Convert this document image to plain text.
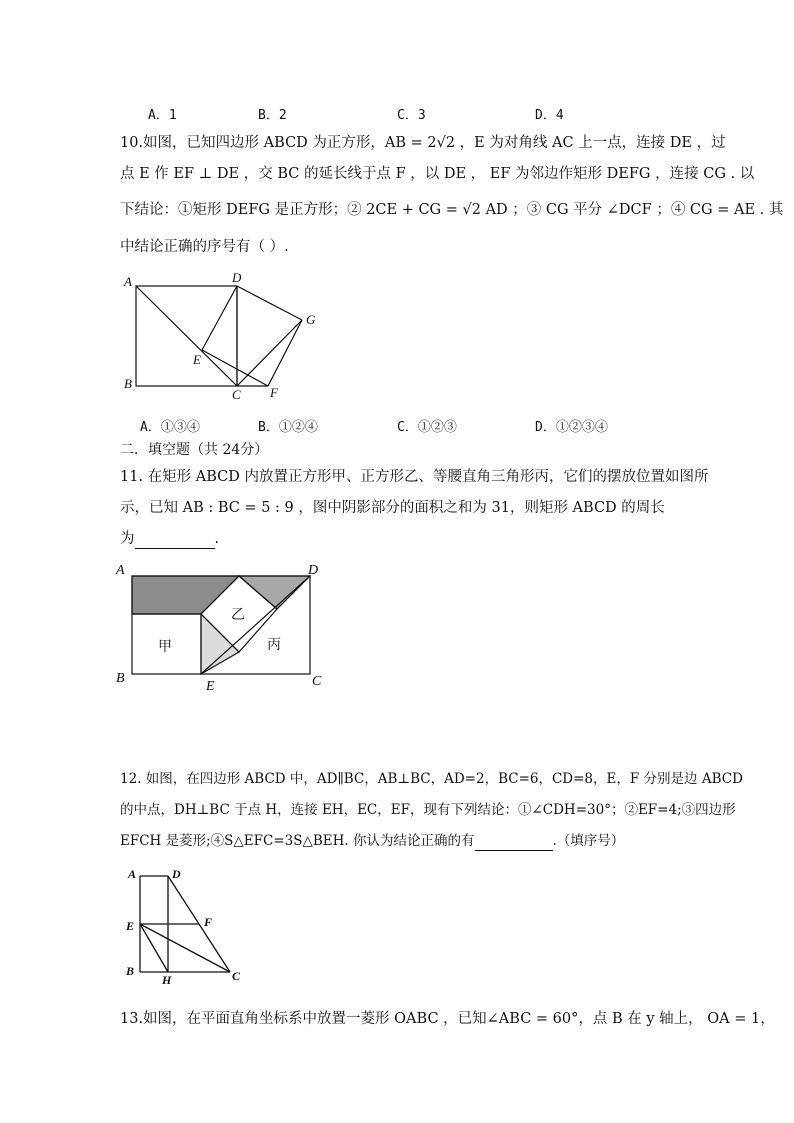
A．1	B．2	C．3	D．4
10.如图，已知四边形 ABCD 为正方形，AB = 2√2 ，E 为对角线 AC 上一点，连接 DE ，过
点 E 作 EF ⊥ DE ，交 BC 的延长线于点 F ，以 DE ， EF 为邻边作矩形 DEFG ，连接 CG . 以
下结论：①矩形 DEFG 是正方形；② 2CE + CG = √2 AD ；③ CG 平分 ∠DCF ；④ CG = AE . 其
中结论正确的序号有（ ）.
A	D
G
E
B
C F
A．①③④	B．①②④	C．①②③	D．①②③④
二．填空题（共 24分）
11. 在矩形 ABCD 内放置正方形甲、正方形乙、等腰直角三角形丙，它们的摆放位置如图所
示，已知 AB : BC = 5 : 9 ，图中阴影部分的面积之和为 31，则矩形 ABCD 的周长
为	.
A	D
B
E	C
甲
乙
丙
12. 如图，在四边形 ABCD 中，AD∥BC，AB⊥BC，AD=2，BC=6，CD=8，E，F 分别是边 ABCD
的中点，DH⊥BC 于点 H，连接 EH，EC，EF，现有下列结论：①∠CDH=30°；②EF=4;③四边形
EFCH 是菱形;④S△EFC=3S△BEH. 你认为结论正确的有	.（填序号）
A	D
E	F
B
H	C
13.如图，在平面直角坐标系中放置一菱形 OABC ，已知∠ABC = 60°，点 B 在 y 轴上， OA = 1，
